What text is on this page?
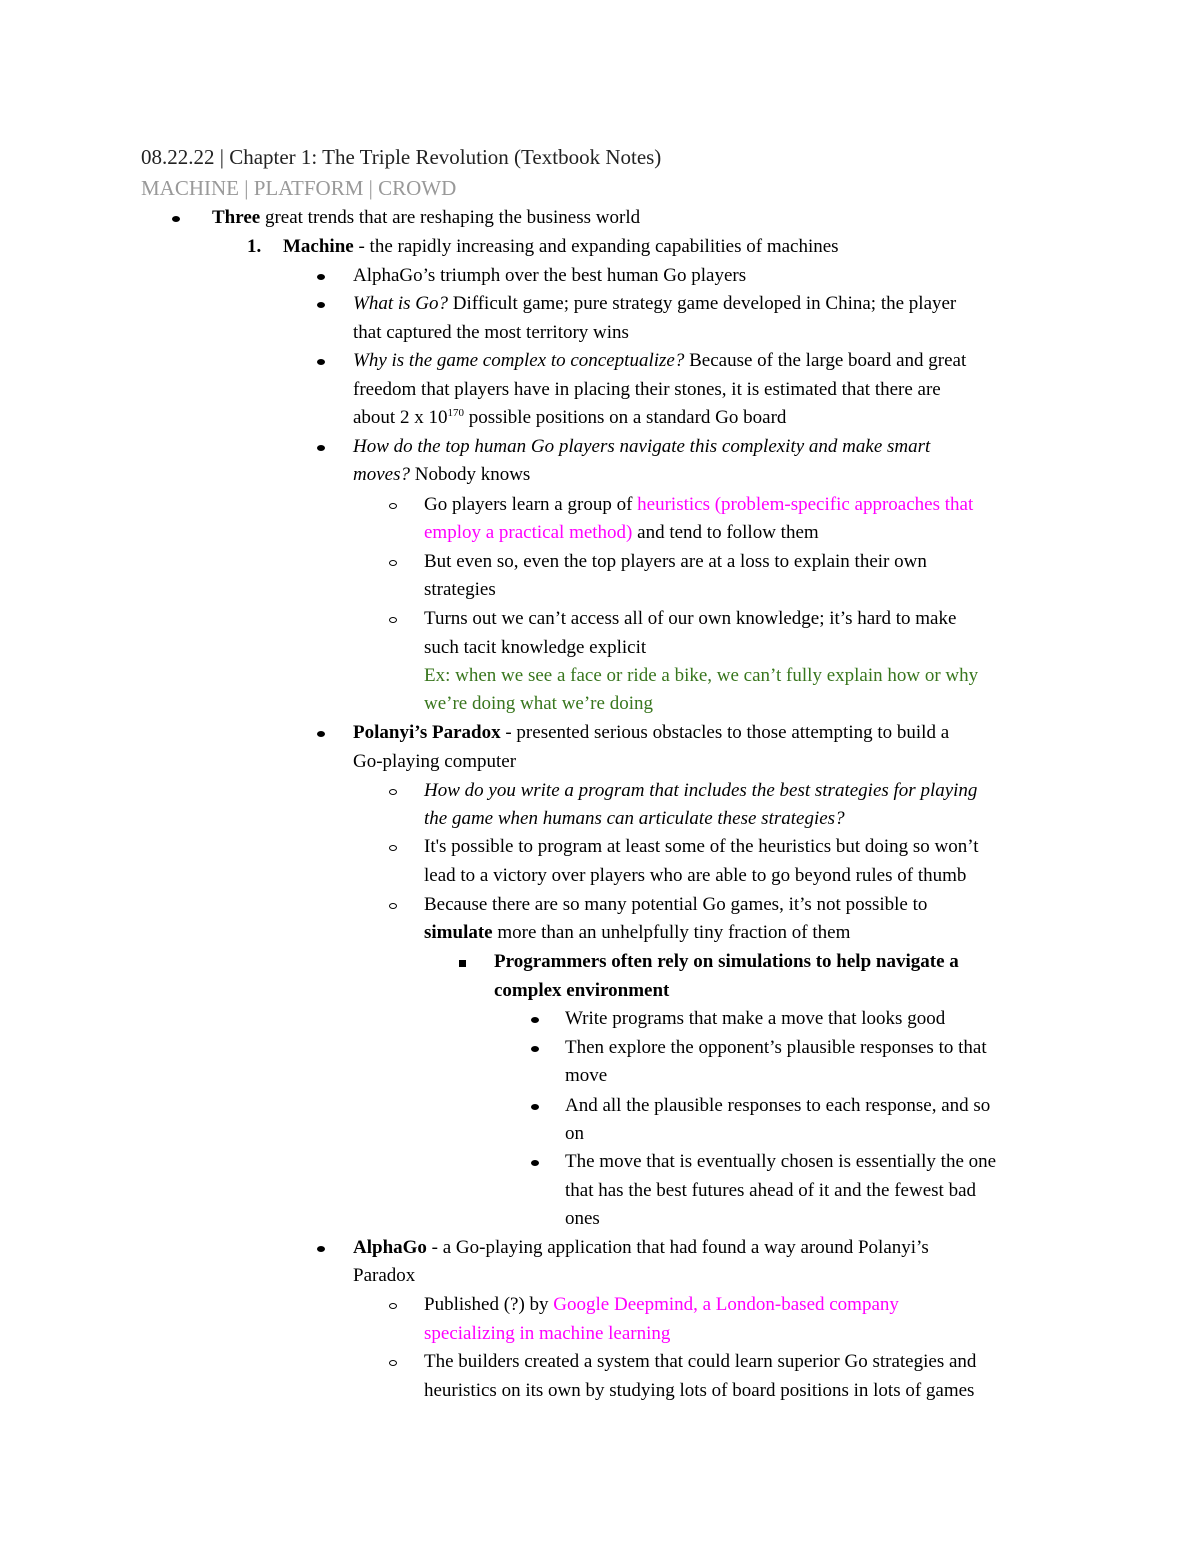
08.22.22 | Chapter 1: The Triple Revolution (Textbook Notes)
MACHINE | PLATFORM | CROWD
Three great trends that are reshaping the business world
1. Machine - the rapidly increasing and expanding capabilities of machines
AlphaGo’s triumph over the best human Go players
What is Go? Difficult game; pure strategy game developed in China; the player
that captured the most territory wins
Why is the game complex to conceptualize? Because of the large board and great
freedom that players have in placing their stones, it is estimated that there are
about 2 x $10^{170}$ possible positions on a standard Go board
How do the top human Go players navigate this complexity and make smart
moves? Nobody knows
Go players learn a group of heuristics (problem-specific approaches that
employ a practical method) and tend to follow them
But even so, even the top players are at a loss to explain their own
strategies
Turns out we can’t access all of our own knowledge; it’s hard to make
such tacit knowledge explicit
Ex: when we see a face or ride a bike, we can’t fully explain how or why
we’re doing what we’re doing
Polanyi’s Paradox - presented serious obstacles to those attempting to build a
Go-playing computer
How do you write a program that includes the best strategies for playing
the game when humans can articulate these strategies?
It's possible to program at least some of the heuristics but doing so won’t
lead to a victory over players who are able to go beyond rules of thumb
Because there are so many potential Go games, it’s not possible to
simulate more than an unhelpfully tiny fraction of them
Programmers often rely on simulations to help navigate a
complex environment
Write programs that make a move that looks good
Then explore the opponent’s plausible responses to that
move
And all the plausible responses to each response, and so
on
The move that is eventually chosen is essentially the one
that has the best futures ahead of it and the fewest bad
ones
AlphaGo - a Go-playing application that had found a way around Polanyi’s
Paradox
Published (?) by Google Deepmind, a London-based company
specializing in machine learning
The builders created a system that could learn superior Go strategies and
heuristics on its own by studying lots of board positions in lots of games
